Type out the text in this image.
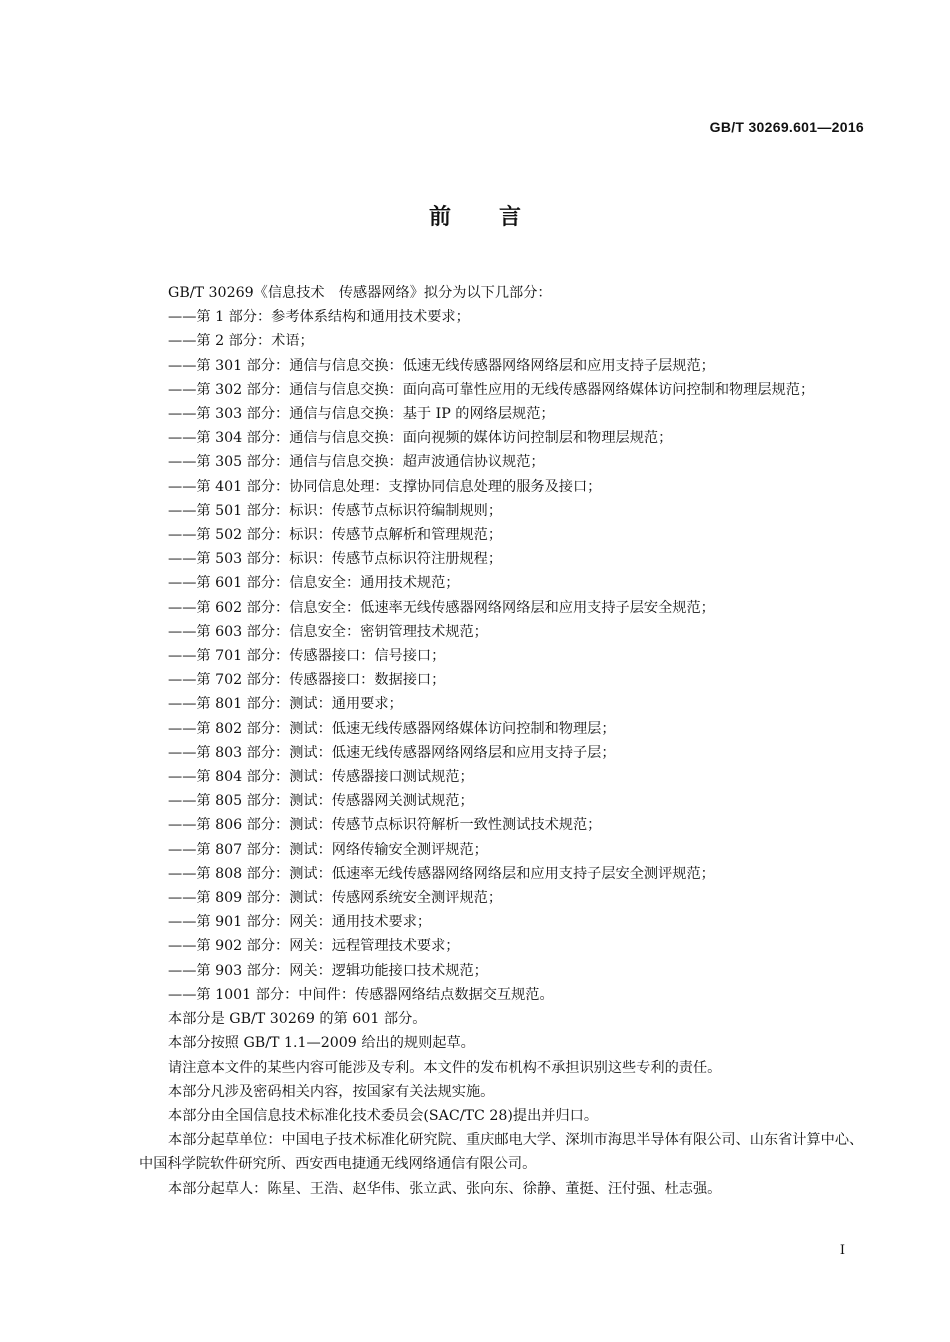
GB/T 30269.601—2016
前言
GB/T 30269《信息技术　传感器网络》拟分为以下几部分：
——第 1 部分：参考体系结构和通用技术要求；
——第 2 部分：术语；
——第 301 部分：通信与信息交换：低速无线传感器网络网络层和应用支持子层规范；
——第 302 部分：通信与信息交换：面向高可靠性应用的无线传感器网络媒体访问控制和物理层规范；
——第 303 部分：通信与信息交换：基于 IP 的网络层规范；
——第 304 部分：通信与信息交换：面向视频的媒体访问控制层和物理层规范；
——第 305 部分：通信与信息交换：超声波通信协议规范；
——第 401 部分：协同信息处理：支撑协同信息处理的服务及接口；
——第 501 部分：标识：传感节点标识符编制规则；
——第 502 部分：标识：传感节点解析和管理规范；
——第 503 部分：标识：传感节点标识符注册规程；
——第 601 部分：信息安全：通用技术规范；
——第 602 部分：信息安全：低速率无线传感器网络网络层和应用支持子层安全规范；
——第 603 部分：信息安全：密钥管理技术规范；
——第 701 部分：传感器接口：信号接口；
——第 702 部分：传感器接口：数据接口；
——第 801 部分：测试：通用要求；
——第 802 部分：测试：低速无线传感器网络媒体访问控制和物理层；
——第 803 部分：测试：低速无线传感器网络网络层和应用支持子层；
——第 804 部分：测试：传感器接口测试规范；
——第 805 部分：测试：传感器网关测试规范；
——第 806 部分：测试：传感节点标识符解析一致性测试技术规范；
——第 807 部分：测试：网络传输安全测评规范；
——第 808 部分：测试：低速率无线传感器网络网络层和应用支持子层安全测评规范；
——第 809 部分：测试：传感网系统安全测评规范；
——第 901 部分：网关：通用技术要求；
——第 902 部分：网关：远程管理技术要求；
——第 903 部分：网关：逻辑功能接口技术规范；
——第 1001 部分：中间件：传感器网络结点数据交互规范。
本部分是 GB/T 30269 的第 601 部分。
本部分按照 GB/T 1.1—2009 给出的规则起草。
请注意本文件的某些内容可能涉及专利。本文件的发布机构不承担识别这些专利的责任。
本部分凡涉及密码相关内容，按国家有关法规实施。
本部分由全国信息技术标准化技术委员会(SAC/TC 28)提出并归口。
本部分起草单位：中国电子技术标准化研究院、重庆邮电大学、深圳市海思半导体有限公司、山东省计算中心、中国科学院软件研究所、西安西电捷通无线网络通信有限公司。
本部分起草人：陈星、王浩、赵华伟、张立武、张向东、徐静、董挺、汪付强、杜志强。
I
